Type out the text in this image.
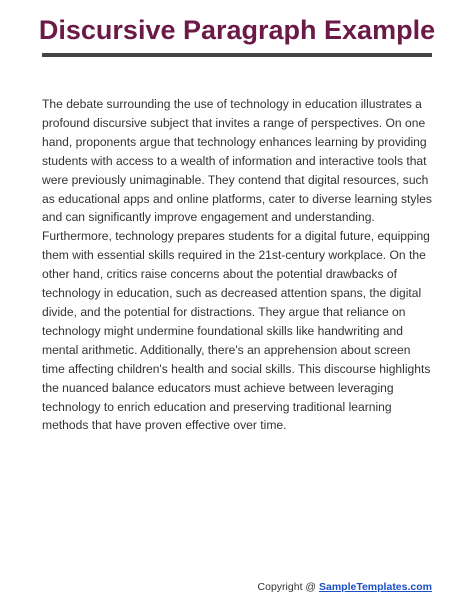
Discursive Paragraph Example

The debate surrounding the use of technology in education illustrates a profound discursive subject that invites a range of perspectives. On one hand, proponents argue that technology enhances learning by providing students with access to a wealth of information and interactive tools that were previously unimaginable. They contend that digital resources, such as educational apps and online platforms, cater to diverse learning styles and can significantly improve engagement and understanding. Furthermore, technology prepares students for a digital future, equipping them with essential skills required in the 21st-century workplace. On the other hand, critics raise concerns about the potential drawbacks of technology in education, such as decreased attention spans, the digital divide, and the potential for distractions. They argue that reliance on technology might undermine foundational skills like handwriting and mental arithmetic. Additionally, there's an apprehension about screen time affecting children's health and social skills. This discourse highlights the nuanced balance educators must achieve between leveraging technology to enrich education and preserving traditional learning methods that have proven effective over time.

Copyright @ SampleTemplates.com
